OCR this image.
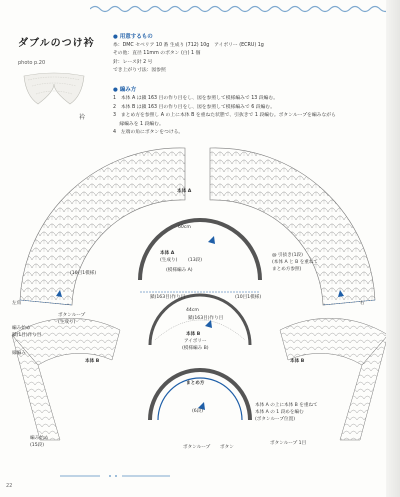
ダブルのつけ衿
photo p.20
衿
● 用意するもの
糸：DMC セベリア 10 番 生成り (712) 10g　アイボリー (ECRU) 1g
その他：直径 11mm のボタン (白) 1 個
針：レース針 2 号
でき上がり寸法：図参照
● 編み方
1　本体 A は鎖 163 目の作り目をし、図を参照して模様編みで 13 段編む。
2　本体 B は鎖 163 目の作り目をし、図を参照して模様編みで 6 段編む。
3　まとめ方を参照し A の上に本体 B を重ねた状態で、引抜きで 1 段編む。ボタンループを編みながら
　 縁編みを 1 段編む。
4　左端の角にボタンをつける。
本体 A
60cm
本体 A
(生成り)
(模様編み A)
(13段)
鎖(163目)作り目	(10目1模様)
@ 引抜き(1段)
(本体 A と B を重ねて
まとめ方参照)
(10目1模様)
44cm
鎖(163目)作り目
本体 B
アイボリー
(模様編み B)
まとめ方
本体 A の上に本体 B を重ねて
本体 A の 1 段めを編む
(ボタンループ位置)
(6段)
ボタンループ ボタン
本体 B	本体 B
ボタンループ
(生成り)
編み始め
鎖(1目)作り目
縁編み
左角
編み始め
(15段)	ボタンループ 1目
右
22
